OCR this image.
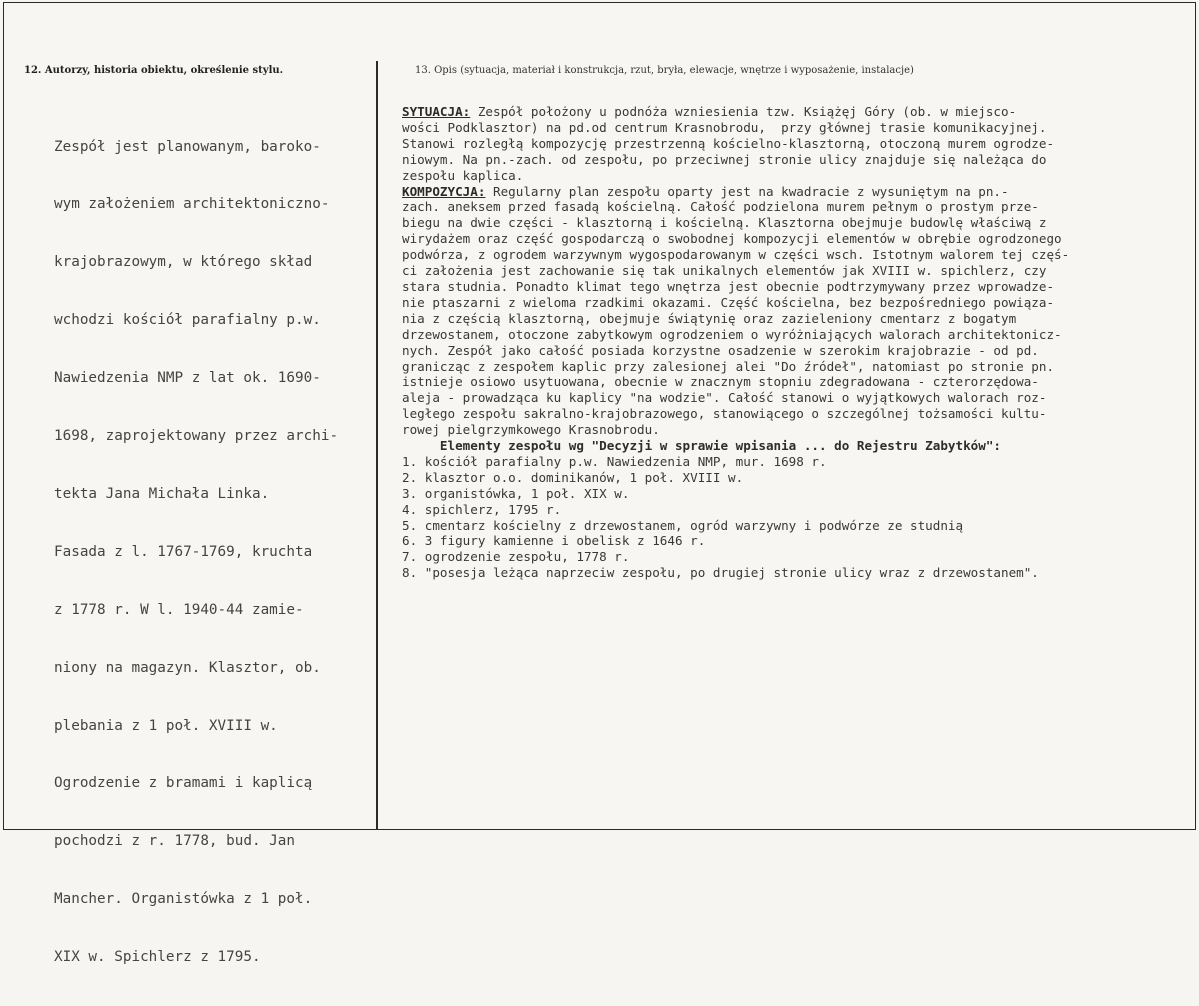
12. Autorzy, historia obiektu, określenie stylu.	13. Opis (sytuacja, materiał i konstrukcja, rzut, bryła, elewacje, wnętrze i wyposażenie, instalacje)

Zespół jest planowanym, baroko-

wym założeniem architektoniczno-

krajobrazowym, w którego skład

wchodzi kościół parafialny p.w.

Nawiedzenia NMP z lat ok. 1690-

1698, zaprojektowany przez archi-

tekta Jana Michała Linka.

Fasada z l. 1767-1769, kruchta

z 1778 r. W l. 1940-44 zamie-

niony na magazyn. Klasztor, ob.

plebania z 1 poł. XVIII w.

Ogrodzenie z bramami i kaplicą

pochodzi z r. 1778, bud. Jan

Mancher. Organistówka z 1 poł.

XIX w. Spichlerz z 1795.

SYTUACJA: Zespół położony u podnóża wzniesienia tzw. Książęj Góry (ob. w miejsco-
wości Podklasztor) na pd.od centrum Krasnobrodu,  przy głównej trasie komunikacyjnej.
Stanowi rozległą kompozycję przestrzenną kościelno-klasztorną, otoczoną murem ogrodze-
niowym. Na pn.-zach. od zespołu, po przeciwnej stronie ulicy znajduje się należąca do
zespołu kaplica.
KOMPOZYCJA: Regularny plan zespołu oparty jest na kwadracie z wysuniętym na pn.-
zach. aneksem przed fasadą kościelną. Całość podzielona murem pełnym o prostym prze-
biegu na dwie części - klasztorną i kościelną. Klasztorna obejmuje budowlę właściwą z
wirydażem oraz część gospodarczą o swobodnej kompozycji elementów w obrębie ogrodzonego
podwórza, z ogrodem warzywnym wygospodarowanym w części wsch. Istotnym walorem tej częś-
ci założenia jest zachowanie się tak unikalnych elementów jak XVIII w. spichlerz, czy
stara studnia. Ponadto klimat tego wnętrza jest obecnie podtrzymywany przez wprowadze-
nie ptaszarni z wieloma rzadkimi okazami. Część kościelna, bez bezpośredniego powiąza-
nia z częścią klasztorną, obejmuje świątynię oraz zazieleniony cmentarz z bogatym
drzewostanem, otoczone zabytkowym ogrodzeniem o wyróżniających walorach architektonicz-
nych. Zespół jako całość posiada korzystne osadzenie w szerokim krajobrazie - od pd.
granicząc z zespołem kaplic przy zalesionej alei "Do źródeł", natomiast po stronie pn.
istnieje osiowo usytuowana, obecnie w znacznym stopniu zdegradowana - czterorzędowa-
aleja - prowadząca ku kaplicy "na wodzie". Całość stanowi o wyjątkowych walorach roz-
ległego zespołu sakralno-krajobrazowego, stanowiącego o szczególnej tożsamości kultu-
rowej pielgrzymkowego Krasnobrodu.
Elementy zespołu wg "Decyzji w sprawie wpisania ... do Rejestru Zabytków":
1. kościół parafialny p.w. Nawiedzenia NMP, mur. 1698 r.
2. klasztor o.o. dominikanów, 1 poł. XVIII w.
3. organistówka, 1 poł. XIX w.
4. spichlerz, 1795 r.
5. cmentarz kościelny z drzewostanem, ogród warzywny i podwórze ze studnią
6. 3 figury kamienne i obelisk z 1646 r.
7. ogrodzenie zespołu, 1778 r.
8. "posesja leżąca naprzeciw zespołu, po drugiej stronie ulicy wraz z drzewostanem".
